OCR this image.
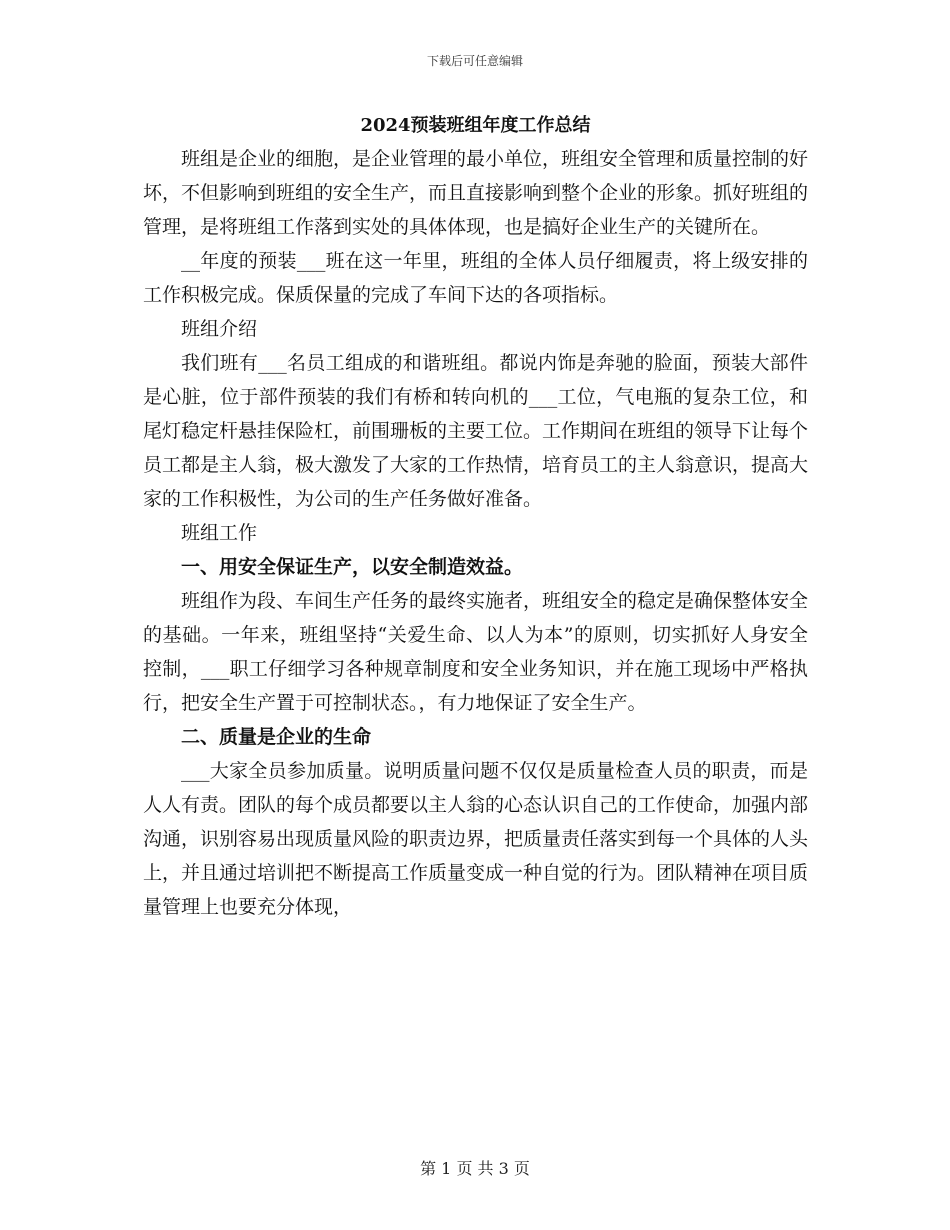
下载后可任意编辑
2024预装班组年度工作总结

班组是企业的细胞，是企业管理的最小单位，班组安全管理和质量控制的好坏，不但影响到班组的安全生产，而且直接影响到整个企业的形象。抓好班组的管理，是将班组工作落到实处的具体体现，也是搞好企业生产的关键所在。

__年度的预装___班在这一年里，班组的全体人员仔细履责，将上级安排的工作积极完成。保质保量的完成了车间下达的各项指标。

班组介绍

我们班有___名员工组成的和谐班组。都说内饰是奔驰的脸面，预装大部件是心脏，位于部件预装的我们有桥和转向机的___工位，气电瓶的复杂工位，和尾灯稳定杆悬挂保险杠，前围珊板的主要工位。工作期间在班组的领导下让每个员工都是主人翁，极大激发了大家的工作热情，培育员工的主人翁意识，提高大家的工作积极性，为公司的生产任务做好准备。

班组工作

一、用安全保证生产，以安全制造效益。

班组作为段、车间生产任务的最终实施者，班组安全的稳定是确保整体安全的基础。一年来，班组坚持“关爱生命、以人为本”的原则，切实抓好人身安全控制，___职工仔细学习各种规章制度和安全业务知识，并在施工现场中严格执行，把安全生产置于可控制状态。，有力地保证了安全生产。

二、质量是企业的生命

___大家全员参加质量。说明质量问题不仅仅是质量检查人员的职责，而是人人有责。团队的每个成员都要以主人翁的心态认识自己的工作使命，加强内部沟通，识别容易出现质量风险的职责边界，把质量责任落实到每一个具体的人头上，并且通过培训把不断提高工作质量变成一种自觉的行为。团队精神在项目质量管理上也要充分体现，

第 1 页 共 3 页
